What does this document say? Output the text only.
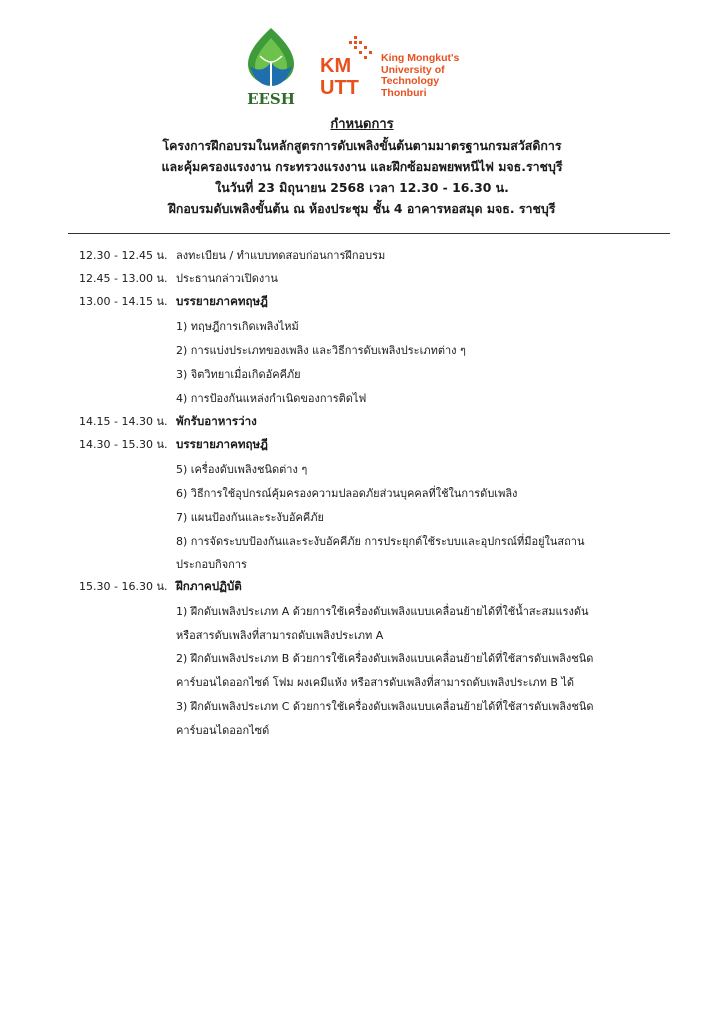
EESH
KM
UTT
King Mongkut's
University of
Technology
Thonburi
กำหนดการ
โครงการฝึกอบรมในหลักสูตรการดับเพลิงขั้นต้นตามมาตรฐานกรมสวัสดิการ
และคุ้มครองแรงงาน กระทรวงแรงงาน และฝึกซ้อมอพยพหนีไฟ มจธ.ราชบุรี
ในวันที่ 23 มิถุนายน 2568 เวลา 12.30 - 16.30 น.
ฝึกอบรมดับเพลิงขั้นต้น ณ ห้องประชุม ชั้น 4 อาคารหอสมุด มจธ. ราชบุรี
12.30 - 12.45 น. ลงทะเบียน / ทำแบบทดสอบก่อนการฝึกอบรม
12.45 - 13.00 น. ประธานกล่าวเปิดงาน
13.00 - 14.15 น. บรรยายภาคทฤษฎี
1) ทฤษฎีการเกิดเพลิงไหม้
2) การแบ่งประเภทของเพลิง และวิธีการดับเพลิงประเภทต่าง ๆ
3) จิตวิทยาเมื่อเกิดอัคคีภัย
4) การป้องกันแหล่งกำเนิดของการติดไฟ
14.15 - 14.30 น. พักรับอาหารว่าง
14.30 - 15.30 น. บรรยายภาคทฤษฎี
5) เครื่องดับเพลิงชนิดต่าง ๆ
6) วิธีการใช้อุปกรณ์คุ้มครองความปลอดภัยส่วนบุคคลที่ใช้ในการดับเพลิง
7) แผนป้องกันและระงับอัคคีภัย
8) การจัดระบบป้องกันและระงับอัคคีภัย การประยุกต์ใช้ระบบและอุปกรณ์ที่มีอยู่ในสถาน
ประกอบกิจการ
15.30 - 16.30 น. ฝึกภาคปฏิบัติ
1) ฝึกดับเพลิงประเภท A ด้วยการใช้เครื่องดับเพลิงแบบเคลื่อนย้ายได้ที่ใช้น้ำสะสมแรงดัน
หรือสารดับเพลิงที่สามารถดับเพลิงประเภท A
2) ฝึกดับเพลิงประเภท B ด้วยการใช้เครื่องดับเพลิงแบบเคลื่อนย้ายได้ที่ใช้สารดับเพลิงชนิด
คาร์บอนไดออกไซด์ โฟม ผงเคมีแห้ง หรือสารดับเพลิงที่สามารถดับเพลิงประเภท B ได้
3) ฝึกดับเพลิงประเภท C ด้วยการใช้เครื่องดับเพลิงแบบเคลื่อนย้ายได้ที่ใช้สารดับเพลิงชนิด
คาร์บอนไดออกไซด์
